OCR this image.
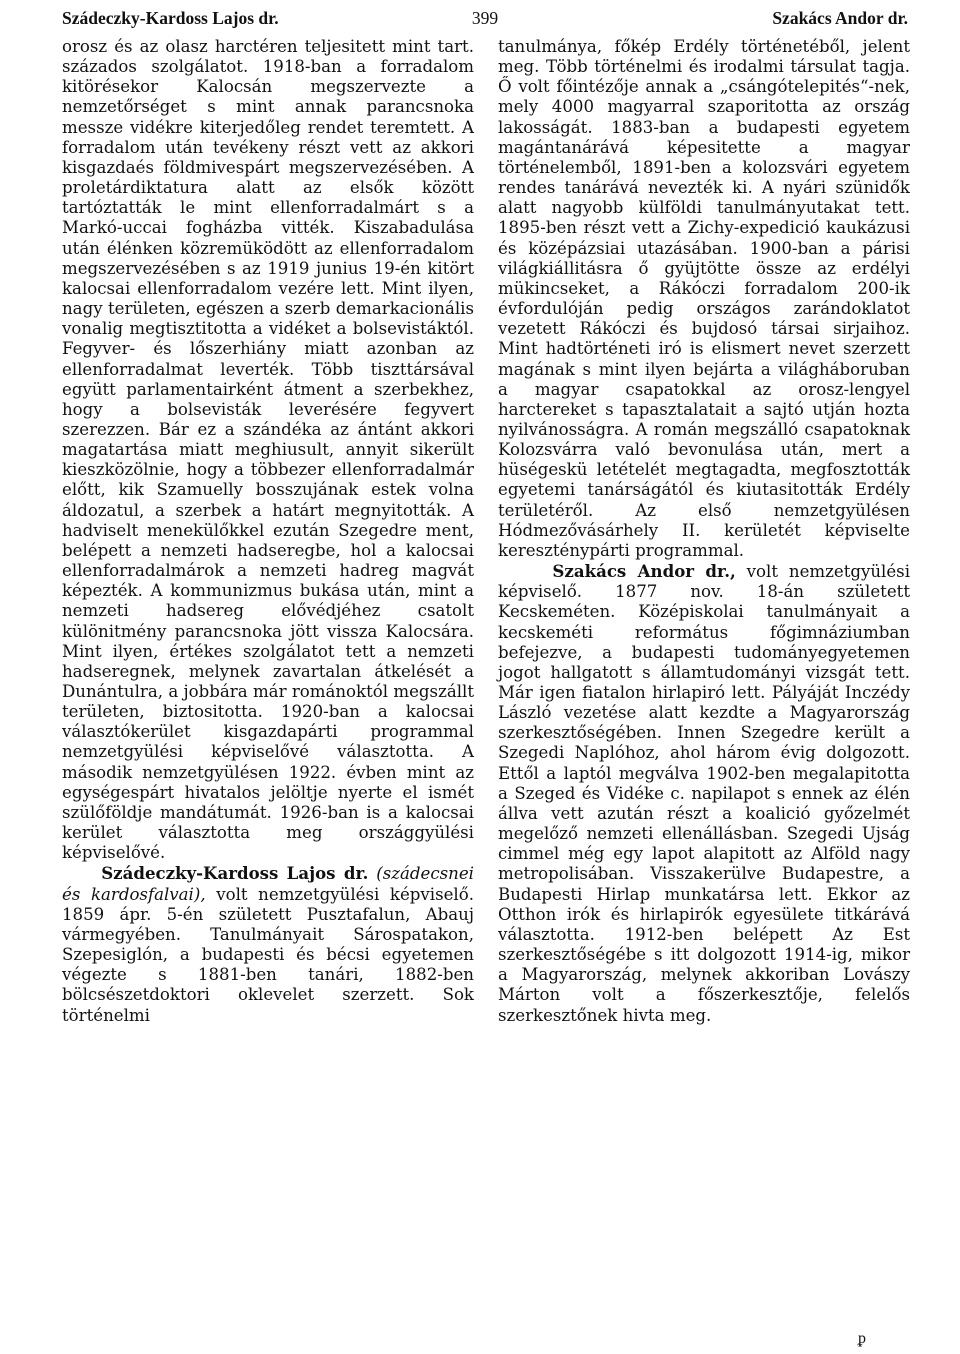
Szádeczky-Kardoss Lajos dr.	399	Szakács Andor dr.

orosz és az olasz harctéren teljesitett mint tart. százados szolgálatot. 1918-ban a forradalom kitörésekor Kalocsán megszervezte a nemzetőrséget s mint annak parancsnoka messze vidékre kiterjedőleg rendet teremtett. A forradalom után tevékeny részt vett az akkori kisgazdaés földmivespárt megszervezésében. A proletárdiktatura alatt az elsők között tartóztatták le mint ellenforradalmárt s a Markó-uccai fogházba vitték. Kiszabadulása után élénken közremüködött az ellenforradalom megszervezésében s az 1919 junius 19-én kitört kalocsai ellenforradalom vezére lett. Mint ilyen, nagy területen, egészen a szerb demarkacionális vonalig megtisztitotta a vidéket a bolsevistáktól. Fegyver- és lőszerhiány miatt azonban az ellenforradalmat leverték. Több tiszttársával együtt parlamentairként átment a szerbekhez, hogy a bolsevisták leverésére fegyvert szerezzen. Bár ez a szándéka az ántánt akkori magatartása miatt meghiusult, annyit sikerült kieszközölnie, hogy a többezer ellenforradalmár előtt, kik Szamuelly bosszujának estek volna áldozatul, a szerbek a határt megnyitották. A hadviselt menekülőkkel ezután Szegedre ment, belépett a nemzeti hadseregbe, hol a kalocsai ellenforradalmárok a nemzeti hadreg magvát képezték. A kommunizmus bukása után, mint a nemzeti hadsereg elővédjéhez csatolt különitmény parancsnoka jött vissza Kalocsára. Mint ilyen, értékes szolgálatot tett a nemzeti hadseregnek, melynek zavartalan átkelését a Dunántulra, a jobbára már románoktól megszállt területen, biztositotta. 1920-ban a kalocsai választókerület kisgazdapárti programmal nemzetgyülési képviselővé választotta. A második nemzetgyülésen 1922. évben mint az egységespárt hivatalos jelöltje nyerte el ismét szülőföldje mandátumát. 1926-ban is a kalocsai kerület választotta meg országgyülési képviselővé.

Szádeczky-Kardoss Lajos dr. (szádecsnei és kardosfalvai), volt nemzetgyülési képviselő. 1859 ápr. 5-én született Pusztafalun, Abauj vármegyében. Tanulmányait Sárospatakon, Szepesiglón, a budapesti és bécsi egyetemen végezte s 1881-ben tanári, 1882-ben bölcsészetdoktori oklevelet szerzett. Sok történelmi

tanulmánya, főkép Erdély történetéből, jelent meg. Több történelmi és irodalmi társulat tagja. Ő volt főintézője annak a „csángótelepités“-nek, mely 4000 magyarral szaporitotta az ország lakosságát. 1883-ban a budapesti egyetem magántanárává képesitette a magyar történelemből, 1891-ben a kolozsvári egyetem rendes tanárává nevezték ki. A nyári szünidők alatt nagyobb külföldi tanulmányutakat tett. 1895-ben részt vett a Zichy-expedició kaukázusi és középázsiai utazásában. 1900-ban a párisi világkiállitásra ő gyüjtötte össze az erdélyi mükincseket, a Rákóczi forradalom 200-ik évfordulóján pedig országos zarándoklatot vezetett Rákóczi és bujdosó társai sirjaihoz. Mint hadtörténeti iró is elismert nevet szerzett magának s mint ilyen bejárta a világháboruban a magyar csapatokkal az orosz-lengyel harctereket s tapasztalatait a sajtó utján hozta nyilvánosságra. A román megszálló csapatoknak Kolozsvárra való bevonulása után, mert a hüségeskü letételét megtagadta, megfosztották egyetemi tanárságától és kiutasitották Erdély területéről. Az első nemzetgyülésen Hódmezővásárhely II. kerületét képviselte kereszténypárti programmal.

Szakács Andor dr., volt nemzetgyülési képviselő. 1877 nov. 18-án született Kecskeméten. Középiskolai tanulmányait a kecskeméti református főgimnáziumban befejezve, a budapesti tudományegyetemen jogot hallgatott s államtudományi vizsgát tett. Már igen fiatalon hirlapiró lett. Pályáját Inczédy László vezetése alatt kezdte a Magyarország szerkesztőségében. Innen Szegedre került a Szegedi Naplóhoz, ahol három évig dolgozott. Ettől a laptól megválva 1902-ben megalapitotta a Szeged és Vidéke c. napilapot s ennek az élén állva vett azután részt a koalició győzelmét megelőző nemzeti ellenállásban. Szegedi Ujság cimmel még egy lapot alapitott az Alföld nagy metropolisában. Visszakerülve Budapestre, a Budapesti Hirlap munkatársa lett. Ekkor az Otthon irók és hirlapirók egyesülete titkárává választotta. 1912-ben belépett Az Est szerkesztőségébe s itt dolgozott 1914-ig, mikor a Magyarország, melynek akkoriban Lovászy Márton volt a főszerkesztője, felelős szerkesztőnek hivta meg.

ᵱ
